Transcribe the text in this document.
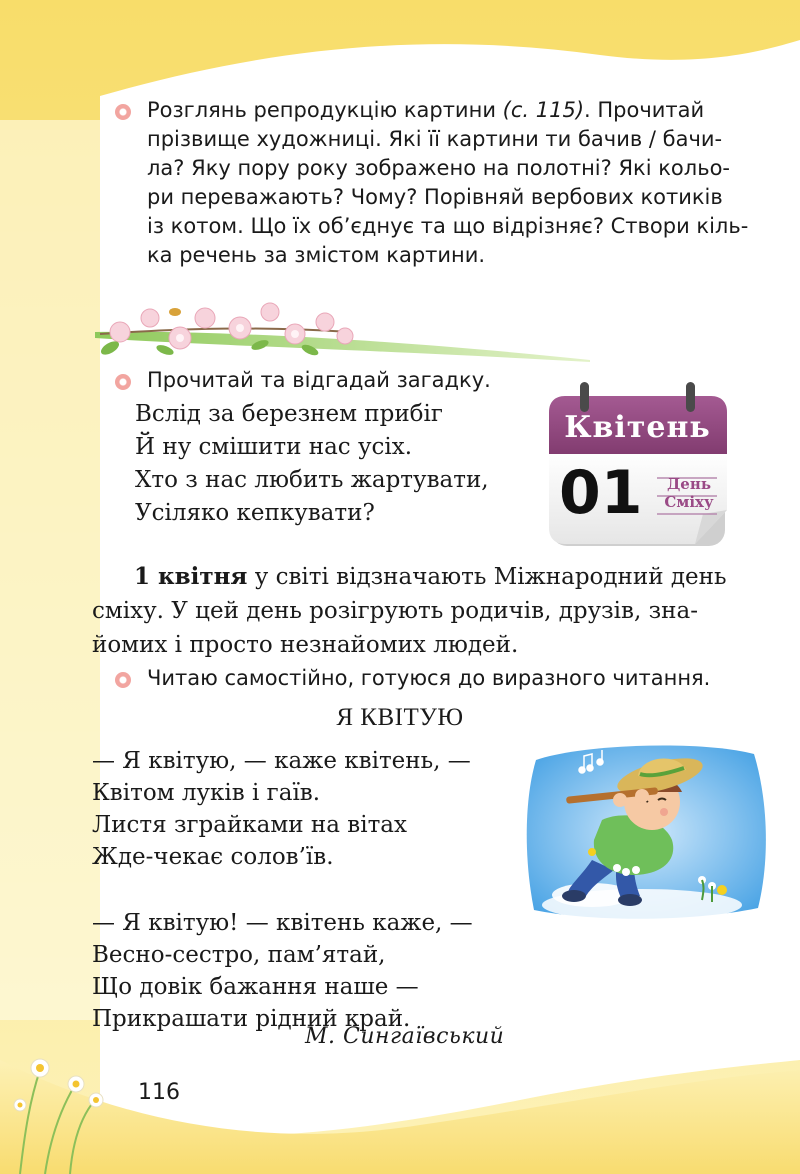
Розглянь репродукцію картини (с. 115). Прочитай
прізвище художниці. Які її картини ти бачив / бачи-
ла? Яку пору року зображено на полотні? Які кольо-
ри переважають? Чому? Порівняй вербових котиків
із котом. Що їх об’єднує та що відрізняє? Створи кіль-
ка речень за змістом картини.
Прочитай та відгадай загадку.
Вслід за березнем прибіг
Й ну смішити нас усіх.
Хто з нас любить жартувати,
Усіляко кепкувати?
Квітень
01	День
Сміху
1 квітня у світі відзначають Міжнародний день
сміху. У цей день розігрують родичів, друзів, зна-
йомих і просто незнайомих людей.
Читаю самостійно, готуюся до виразного читання.
Я КВІТУЮ
— Я квітую, — каже квітень, —
Квітом луків і гаїв.
Листя зграйками на вітах
Жде-чекає солов’їв.
— Я квітую! — квітень каже, —
Весно-сестро, пам’ятай,
Що довік бажання наше —
Прикрашати рідний край.
М. Сингаївський
116
